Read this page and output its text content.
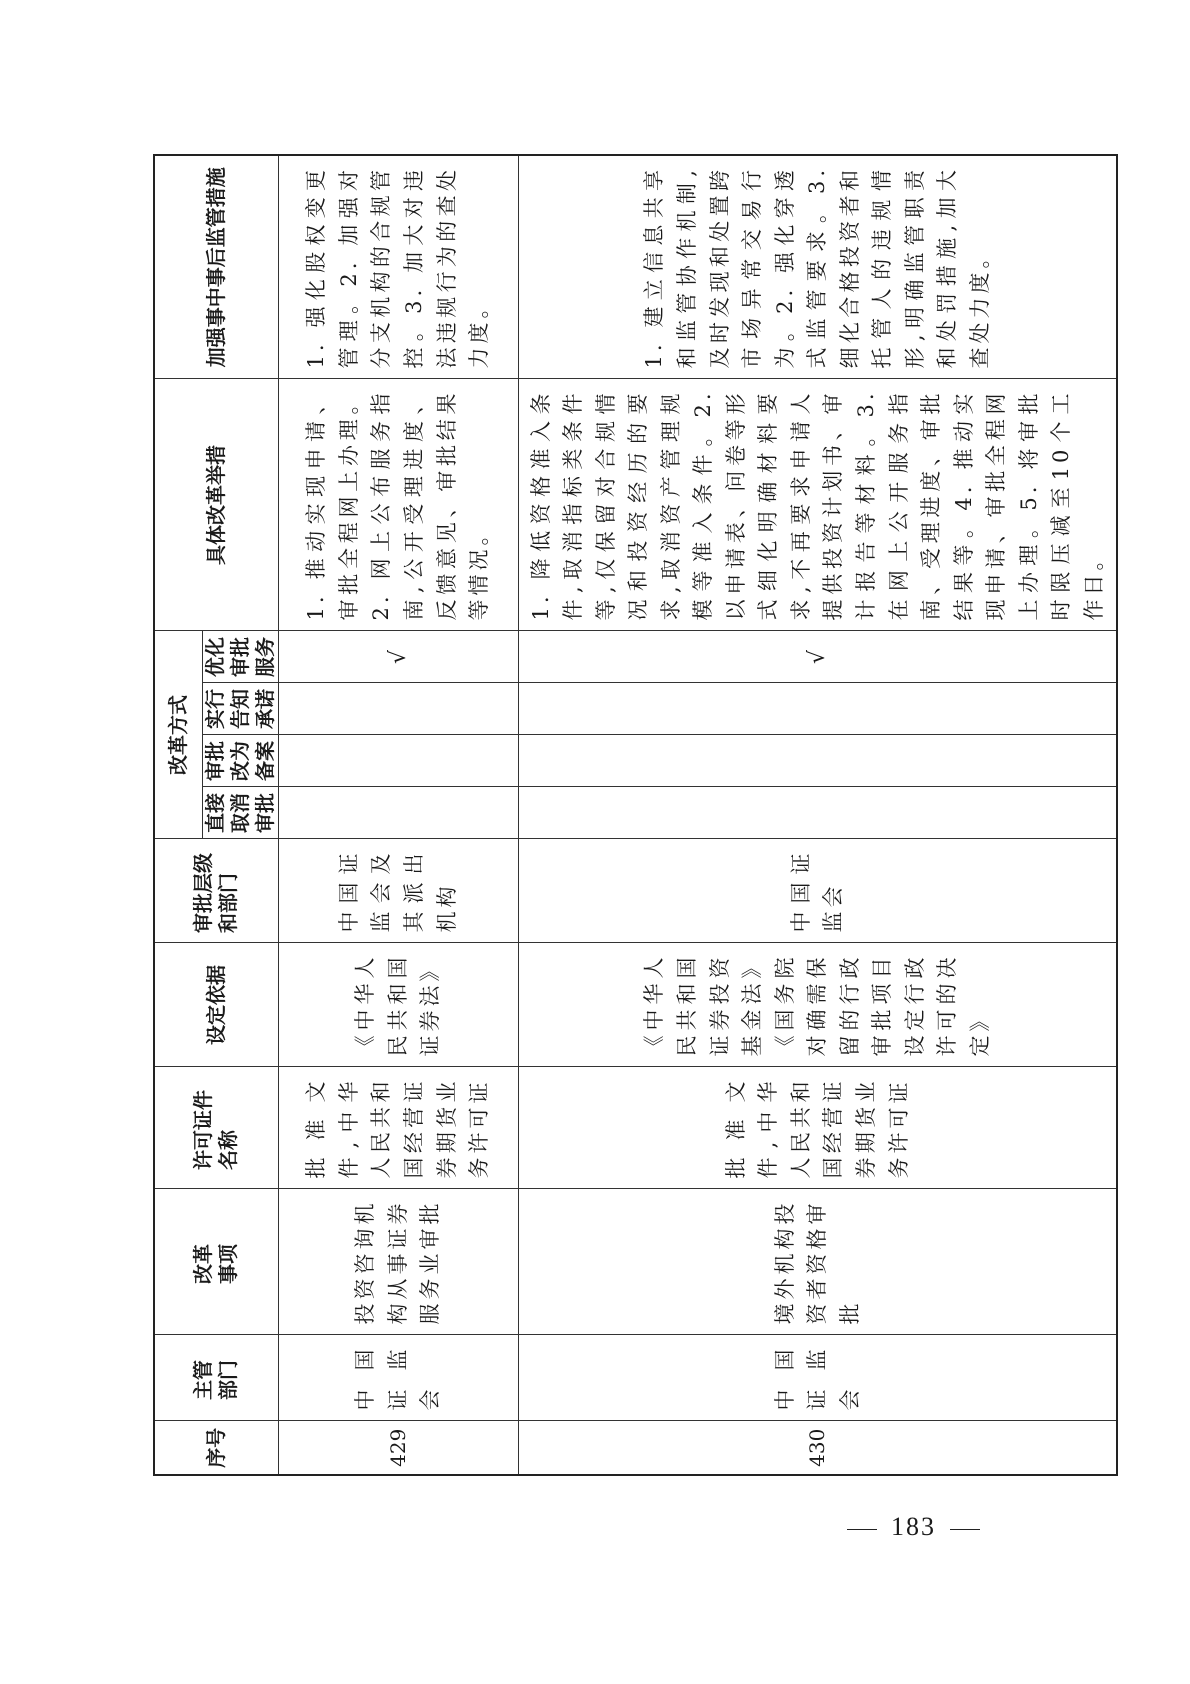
序号	主管部门	改革事项	许可证件名称	设定依据	审批层级和部门	改革方式				具体改革举措	加强事中事后监管措施
						直接取消审批	审批改为备案	实行告知承诺	优化审批服务		
429	中国证监会	投资咨询机构从事证券服务业审批	批准文件,中华人民共和国经营证券期货业务许可证	《中华人民共和国证券法》	中国证监会及其派出机构				√	1. 推动实现申请、审批全程网上办理。2. 网上公布服务指南,公开受理进度、反馈意见、审批结果等情况。	1. 强化股权变更管理。2. 加强对分支机构的合规管控。3. 加大对违法违规行为的查处力度。
430	中国证监会	境外机构投资者资格审批	批准文件,中华人民共和国经营证券期货业务许可证	《中华人民共和国证券投资基金法》《国务院对确需保留的行政审批项目设定行政许可的决定》	中国证监会				√	1. 降低资格准入条件,取消指标类条件等,仅保留对合规情况和投资经历的要求,取消资产管理规模等准入条件。2. 以申请表、问卷等形式细化明确材料要求,不再要求申请人提供投资计划书、审计报告等材料。3. 在网上公开服务指南、受理进度、审批结果等。4. 推动实现申请、审批全程网上办理。5. 将审批时限压减至10个工作日。	1. 建立信息共享和监管协作机制,及时发现和处置跨市场异常交易行为。2. 强化穿透式监管要求。3. 细化合格投资者和托管人的违规情形,明确监管职责和处罚措施,加大查处力度。
183
